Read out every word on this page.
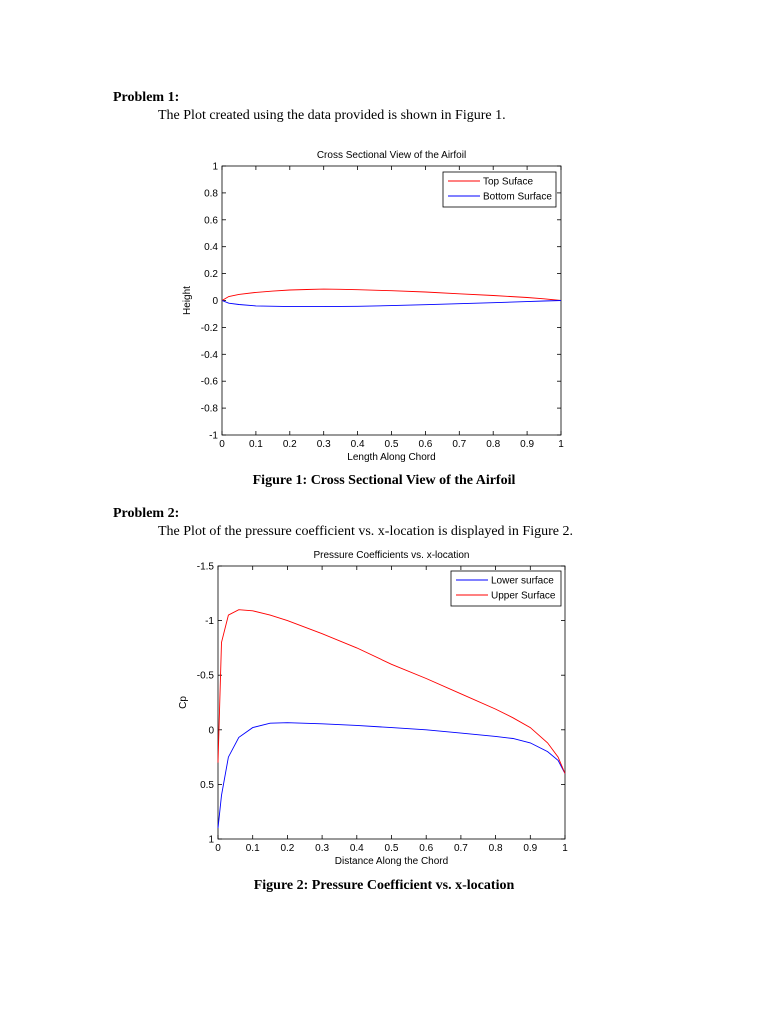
Problem 1:
The Plot created using the data provided is shown in Figure 1.
Cross Sectional View of the Airfoil
0 0.1 0.2 0.3 0.4 0.5 0.6 0.7 0.8 0.9 1
1
0.8
0.6
0.4
0.2
0
-0.2
-0.4
-0.6
-0.8
-1
Length Along Chord
Height
Top Suface
Bottom Surface
Figure 1: Cross Sectional View of the Airfoil
Problem 2:
The Plot of the pressure coefficient vs. x-location is displayed in Figure 2.
Pressure Coefficients vs. x-location
0 0.1 0.2 0.3 0.4 0.5 0.6 0.7 0.8 0.9 1
-1.5
-1
-0.5
0
0.5
1
Distance Along the Chord
Cp
Lower surface
Upper Surface
Figure 2: Pressure Coefficient vs. x-location
